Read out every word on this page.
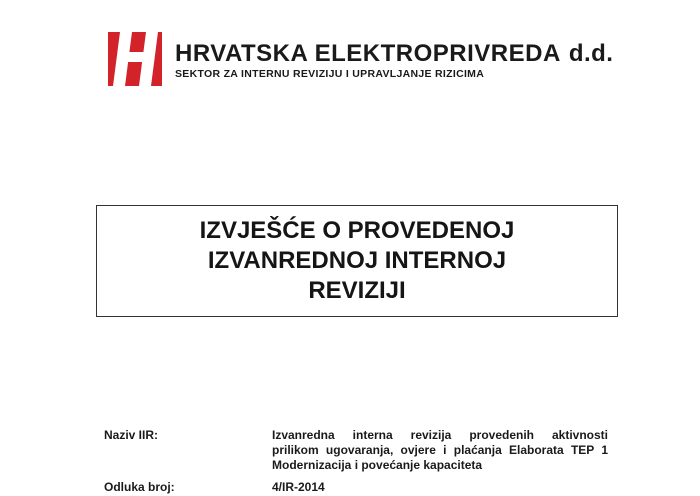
HRVATSKA ELEKTROPRIVREDA d.d.
SEKTOR ZA INTERNU REVIZIJU I UPRAVLJANJE RIZICIMA
IZVJEŠĆE O PROVEDENOJ
IZVANREDNOJ INTERNOJ
REVIZIJI
Naziv IIR:	Izvanredna interna revizija provedenih aktivnosti
prilikom ugovaranja, ovjere i plaćanja Elaborata TEP 1
Modernizacija i povećanje kapaciteta
Odluka broj:	4/IR-2014
